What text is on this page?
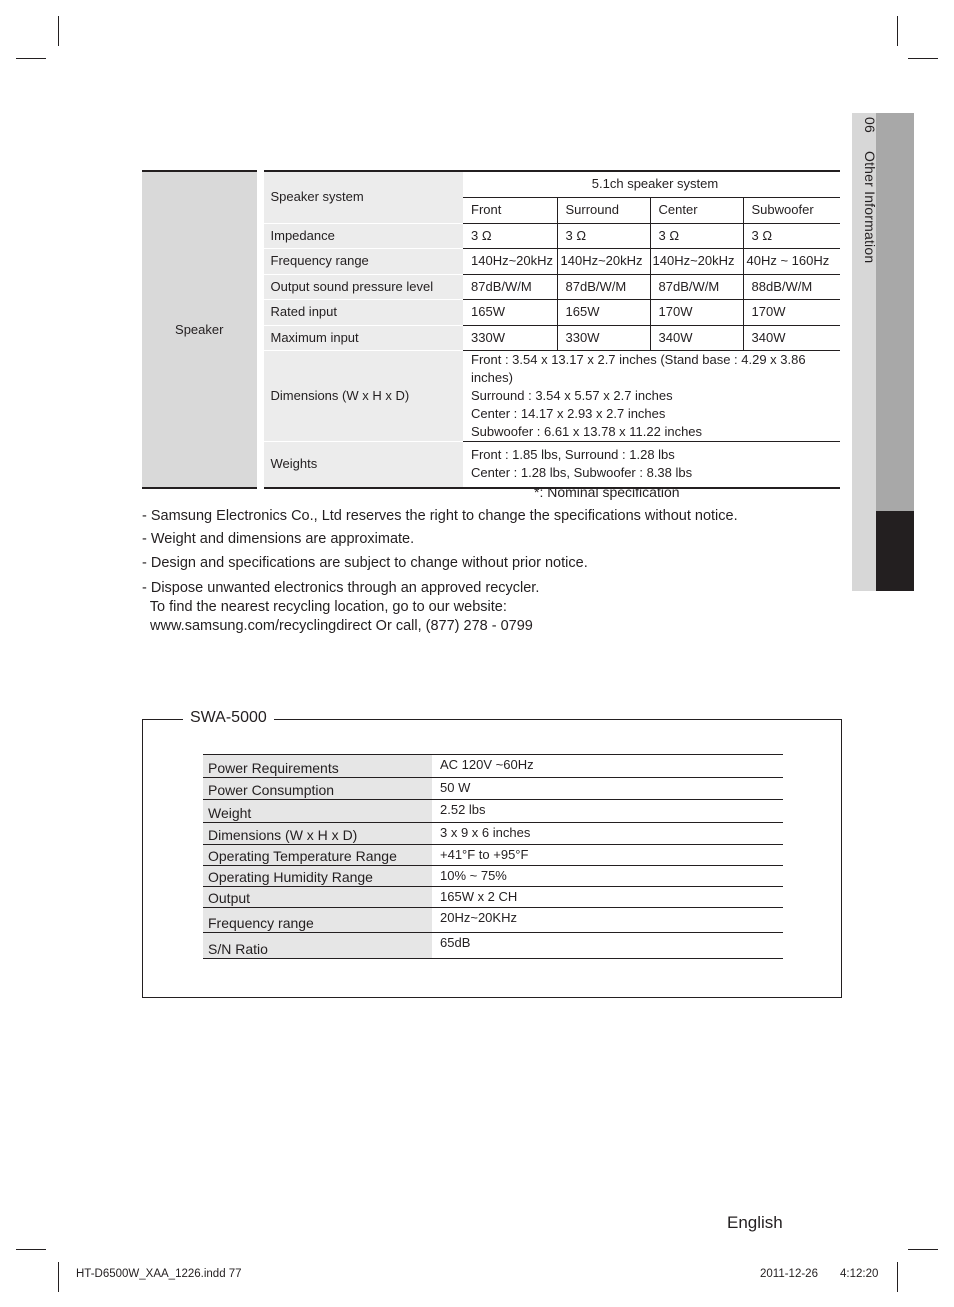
06 Other Information
Speaker	Speaker system	5.1ch speaker system			
		Front	Surround	Center	Subwoofer
	Impedance	3 Ω	3 Ω	3 Ω	3 Ω
	Frequency range	140Hz~20kHz	140Hz~20kHz	140Hz~20kHz	40Hz ~ 160Hz
	Output sound pressure level	87dB/W/M	87dB/W/M	87dB/W/M	88dB/W/M
	Rated input	165W	165W	170W	170W
	Maximum input	330W	330W	340W	340W
	Dimensions (W x H x D)	Front : 3.54 x 13.17 x 2.7 inches (Stand base : 4.29 x 3.86 inches)
Surround : 3.54 x 5.57 x 2.7 inches
Center : 14.17 x 2.93 x 2.7 inches
Subwoofer : 6.61 x 13.78 x 11.22 inches			

	Weights	Front : 1.85 lbs, Surround : 1.28 lbs
Center : 1.28 lbs, Subwoofer : 8.38 lbs			
*: Nominal specification
- Samsung Electronics Co., Ltd reserves the right to change the specifications without notice.
- Weight and dimensions are approximate.
- Design and specifications are subject to change without prior notice.
- Dispose unwanted electronics through an approved recycler.
To find the nearest recycling location, go to our website:
www.samsung.com/recyclingdirect Or call, (877) 278 - 0799
SWA-5000
Power Requirements	AC 120V ~60Hz
Power Consumption	50 W
Weight	2.52 lbs
Dimensions (W x H x D)	3 x 9 x 6 inches
Operating Temperature Range	+41°F to +95°F
Operating Humidity Range	10% ~ 75%
Output	165W x 2 CH
Frequency range	20Hz~20KHz
S/N Ratio	65dB
English
HT-D6500W_XAA_1226.indd 77	2011-12-26 4:12:20
